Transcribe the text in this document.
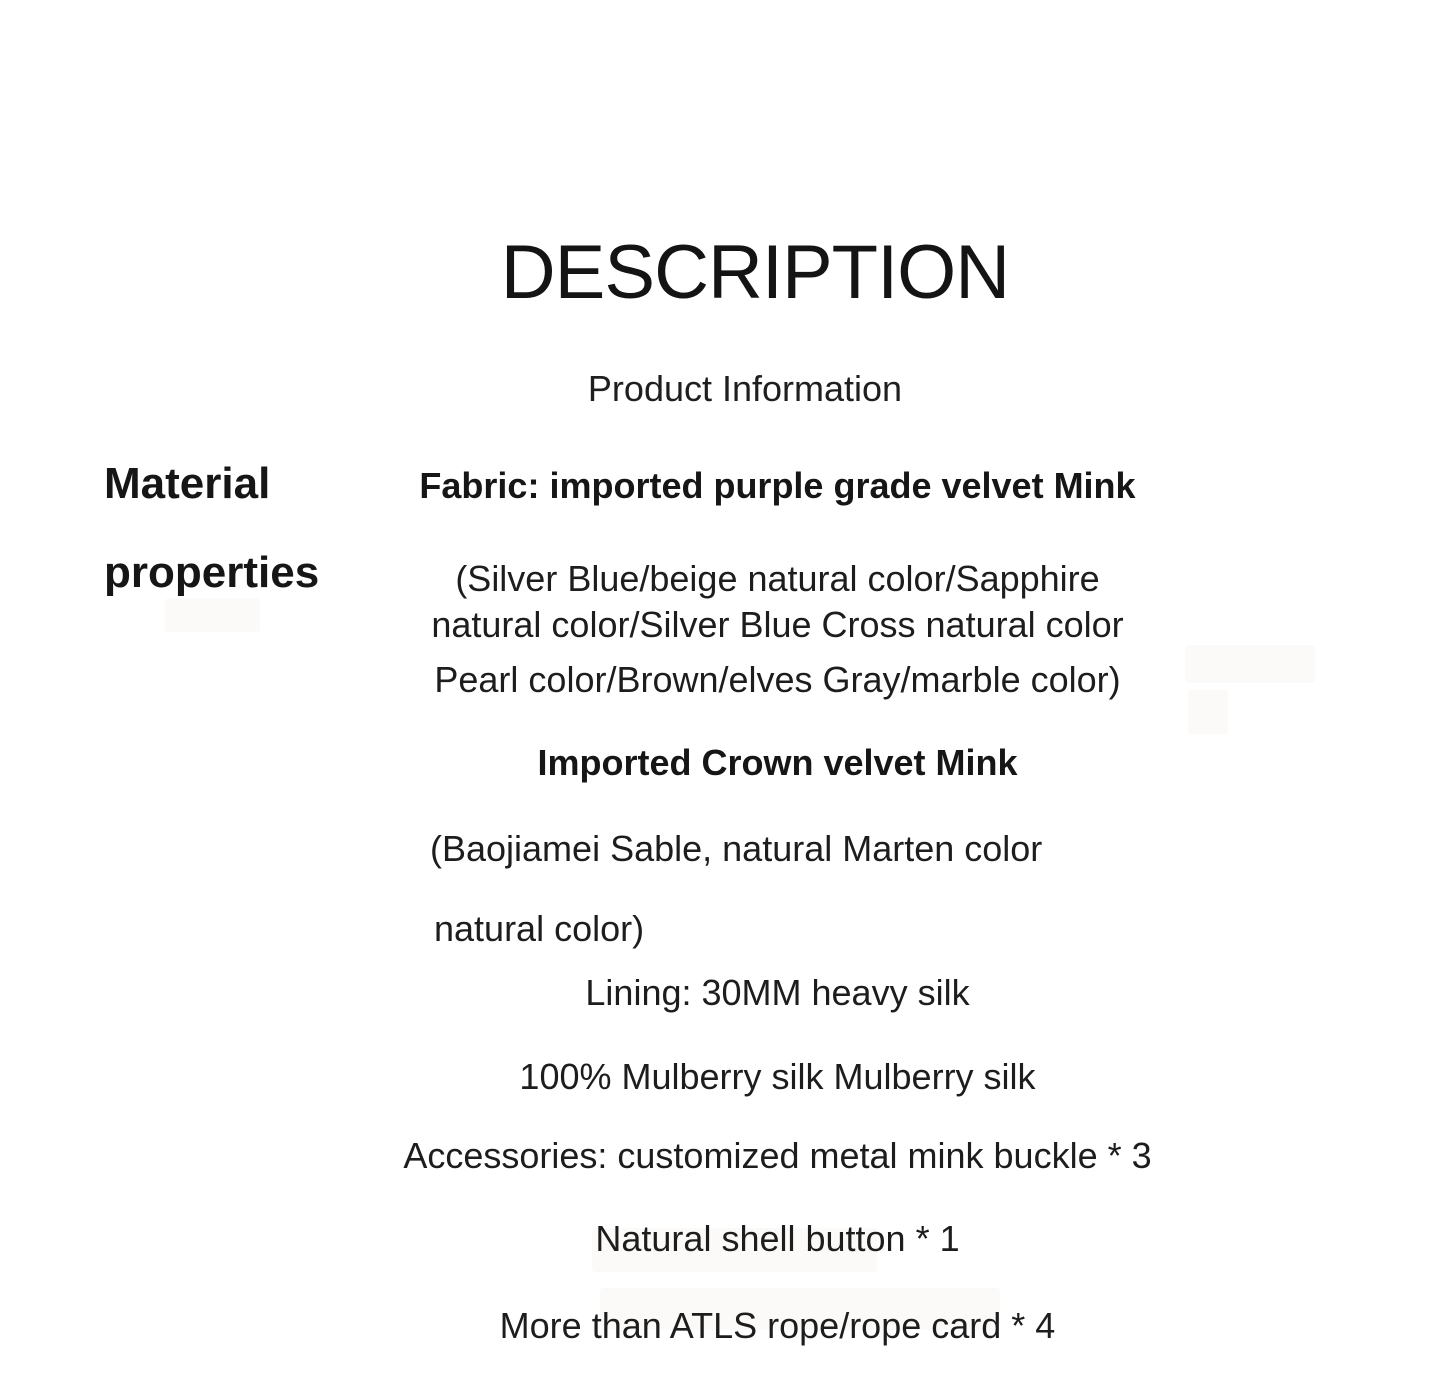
DESCRIPTION
Product Information
Material
properties
Fabric: imported purple grade velvet Mink
(Silver Blue/beige natural color/Sapphire
natural color/Silver Blue Cross natural color
Pearl color/Brown/elves Gray/marble color)
Imported Crown velvet Mink
(Baojiamei Sable, natural Marten color
natural color)
Lining: 30MM heavy silk
100% Mulberry silk Mulberry silk
Accessories: customized metal mink buckle * 3
Natural shell button * 1
More than ATLS rope/rope card * 4
